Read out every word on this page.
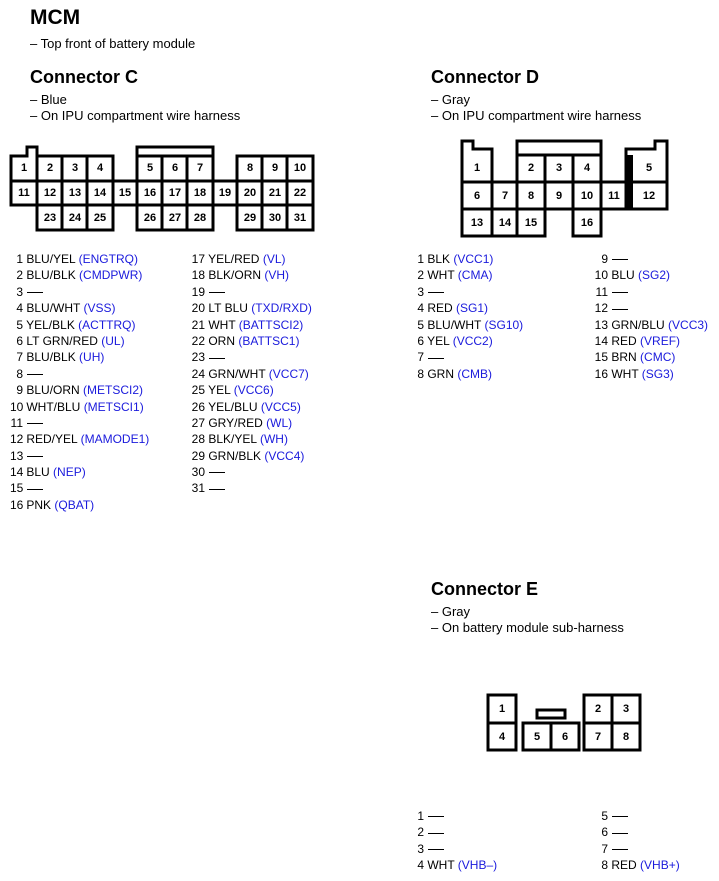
MCM
– Top front of battery module
Connector C
– Blue
– On IPU compartment wire harness
Connector D
– Gray
– On IPU compartment wire harness
Connector E
– Gray
– On battery module sub-harness
1 2 3 4	5 6 7	8 9 10
11 12 13 14 15 16 17 18 19 20 21 22
23 24 25	26 27 28	29 30 31
1	2 3 4	5
6 7 8 9 10 11 12
13 14 15	16
1	2 3
4	5 6 7 8
1 BLU/YEL (ENGTRQ)
2 BLU/BLK (CMDPWR)
3
4 BLU/WHT (VSS)
5 YEL/BLK (ACTTRQ)
6 LT GRN/RED (UL)
7 BLU/BLK (UH)
8
9 BLU/ORN (METSCI2)
10 WHT/BLU (METSCI1)
11
12 RED/YEL (MAMODE1)
13
14 BLU (NEP)
15
16 PNK (QBAT)
17 YEL/RED (VL)
18 BLK/ORN (VH)
19
20 LT BLU (TXD/RXD)
21 WHT (BATTSCI2)
22 ORN (BATTSC1)
23
24 GRN/WHT (VCC7)
25 YEL (VCC6)
26 YEL/BLU (VCC5)
27 GRY/RED (WL)
28 BLK/YEL (WH)
29 GRN/BLK (VCC4)
30
31
1 BLK (VCC1)
2 WHT (CMA)
3
4 RED (SG1)
5 BLU/WHT (SG10)
6 YEL (VCC2)
7
8 GRN (CMB)
9
10 BLU (SG2)
11
12
13 GRN/BLU (VCC3)
14 RED (VREF)
15 BRN (CMC)
16 WHT (SG3)
1
2
3
4 WHT (VHB–)
5
6
7
8 RED (VHB+)
